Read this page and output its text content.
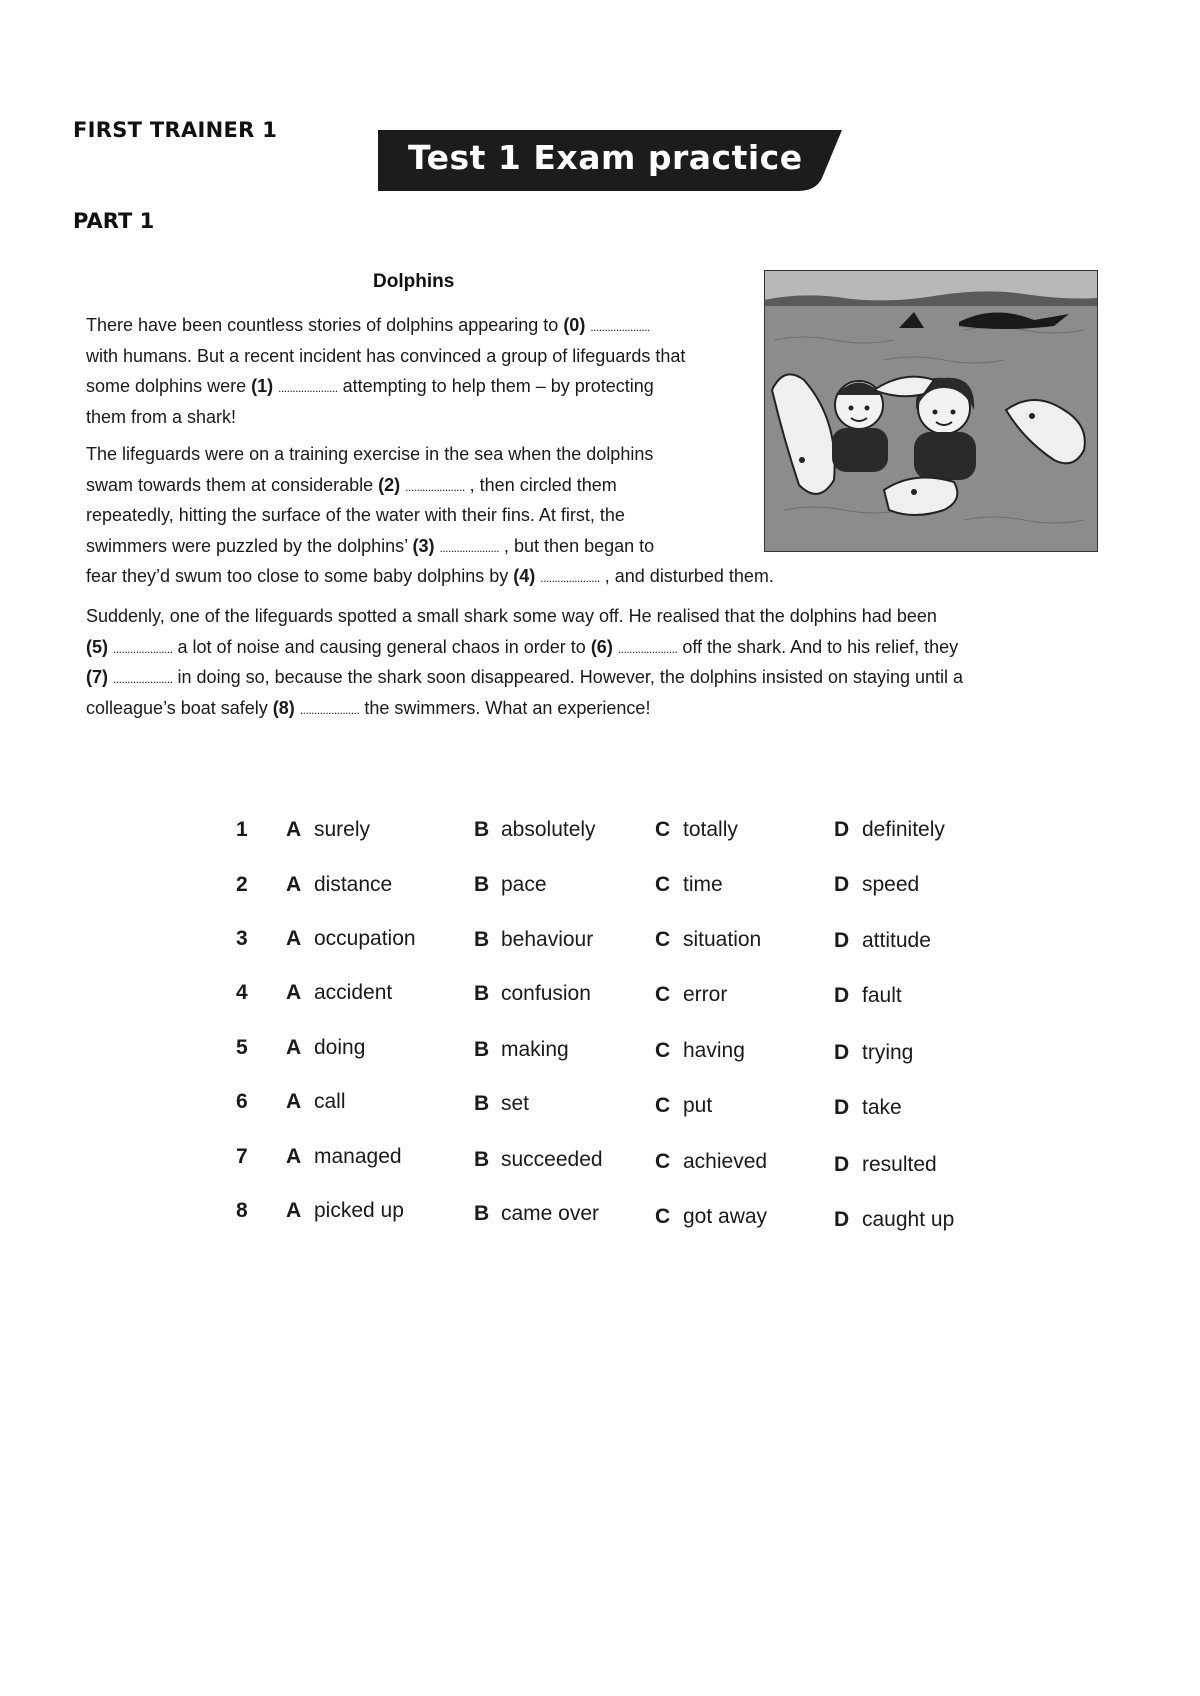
FIRST TRAINER 1
Test 1 Exam practice
PART 1
Dolphins
There have been countless stories of dolphins appearing to (0) .....................
with humans. But a recent incident has convinced a group of lifeguards that
some dolphins were (1) ..................... attempting to help them – by protecting
them from a shark!
The lifeguards were on a training exercise in the sea when the dolphins
swam towards them at considerable (2) ..................... , then circled them
repeatedly, hitting the surface of the water with their fins. At first, the
swimmers were puzzled by the dolphins’ (3) ..................... , but then began to
fear they’d swum too close to some baby dolphins by (4) ..................... , and disturbed them.
Suddenly, one of the lifeguards spotted a small shark some way off. He realised that the dolphins had been
(5) ..................... a lot of noise and causing general chaos in order to (6) ..................... off the shark. And to his relief, they
(7) ..................... in doing so, because the shark soon disappeared. However, the dolphins insisted on staying until a
colleague’s boat safely (8) ..................... the swimmers. What an experience!
1 A surely	B absolutely	C totally	D definitely
2 A distance	B pace	C time	D speed
3 A occupation	B behaviour	C situation	D attitude
4 A accident	B confusion	C error	D fault
5 A doing	B making	C having	D trying
6 A call	B set	C put	D take
7 A managed	B succeeded C achieved	D resulted
8 A picked up	B came over	C got away	D caught up
